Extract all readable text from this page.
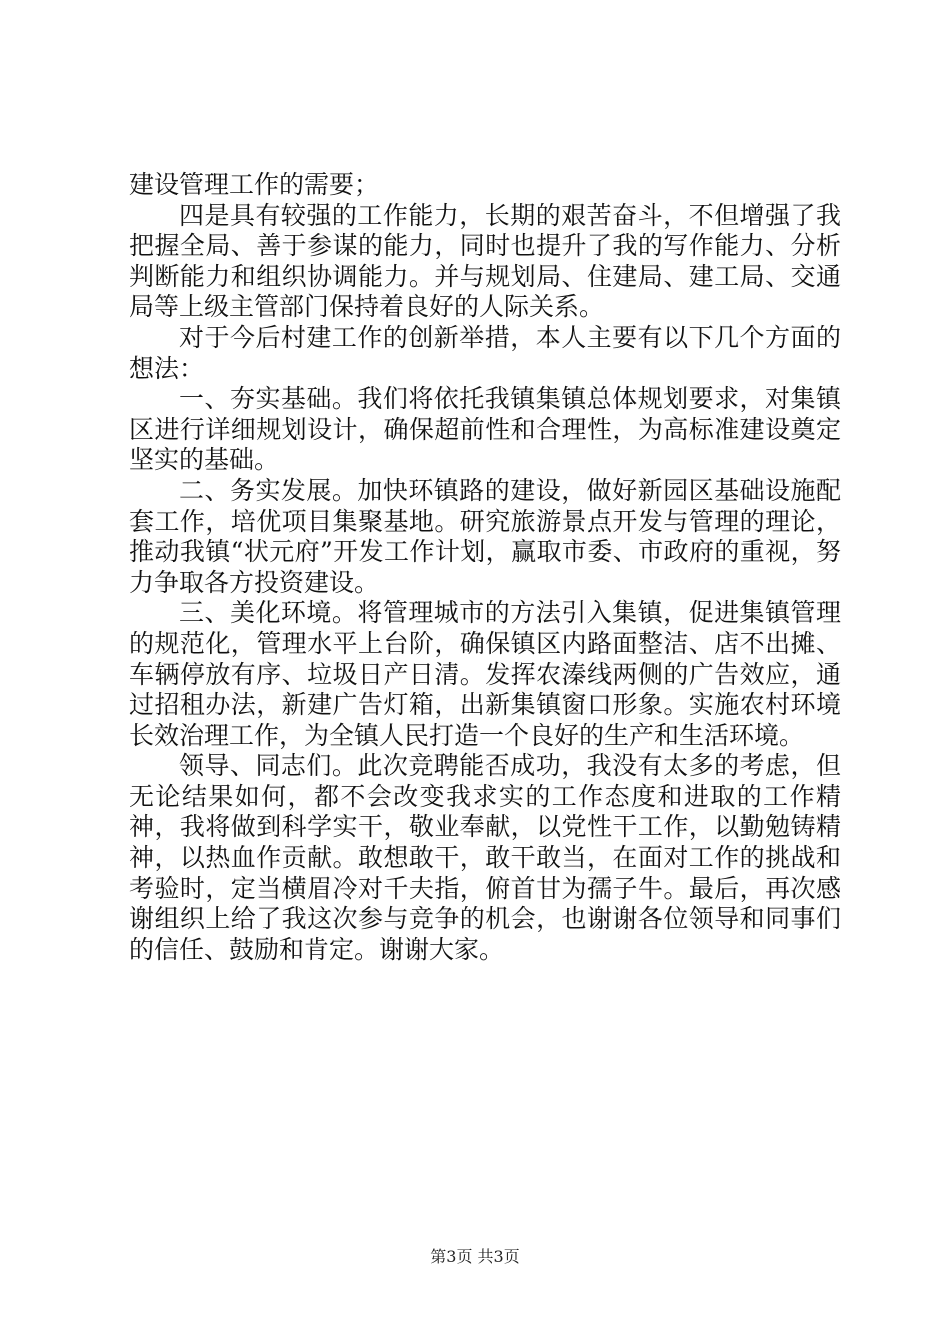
建设管理工作的需要；

四是具有较强的工作能力，长期的艰苦奋斗，不但增强了我把握全局、善于参谋的能力，同时也提升了我的写作能力、分析判断能力和组织协调能力。并与规划局、住建局、建工局、交通局等上级主管部门保持着良好的人际关系。

对于今后村建工作的创新举措，本人主要有以下几个方面的想法：

一、夯实基础。我们将依托我镇集镇总体规划要求，对集镇区进行详细规划设计，确保超前性和合理性，为高标准建设奠定坚实的基础。

二、务实发展。加快环镇路的建设，做好新园区基础设施配套工作，培优项目集聚基地。研究旅游景点开发与管理的理论，推动我镇“状元府”开发工作计划，赢取市委、市政府的重视，努力争取各方投资建设。

三、美化环境。将管理城市的方法引入集镇，促进集镇管理的规范化，管理水平上台阶，确保镇区内路面整洁、店不出摊、车辆停放有序、垃圾日产日清。发挥农溱线两侧的广告效应，通过招租办法，新建广告灯箱，出新集镇窗口形象。实施农村环境长效治理工作，为全镇人民打造一个良好的生产和生活环境。

领导、同志们。此次竞聘能否成功，我没有太多的考虑，但无论结果如何，都不会改变我求实的工作态度和进取的工作精神，我将做到科学实干，敬业奉献，以党性干工作，以勤勉铸精神，以热血作贡献。敢想敢干，敢干敢当，在面对工作的挑战和考验时，定当横眉冷对千夫指，俯首甘为孺子牛。最后，再次感谢组织上给了我这次参与竞争的机会，也谢谢各位领导和同事们的信任、鼓励和肯定。谢谢大家。

第3页 共3页
